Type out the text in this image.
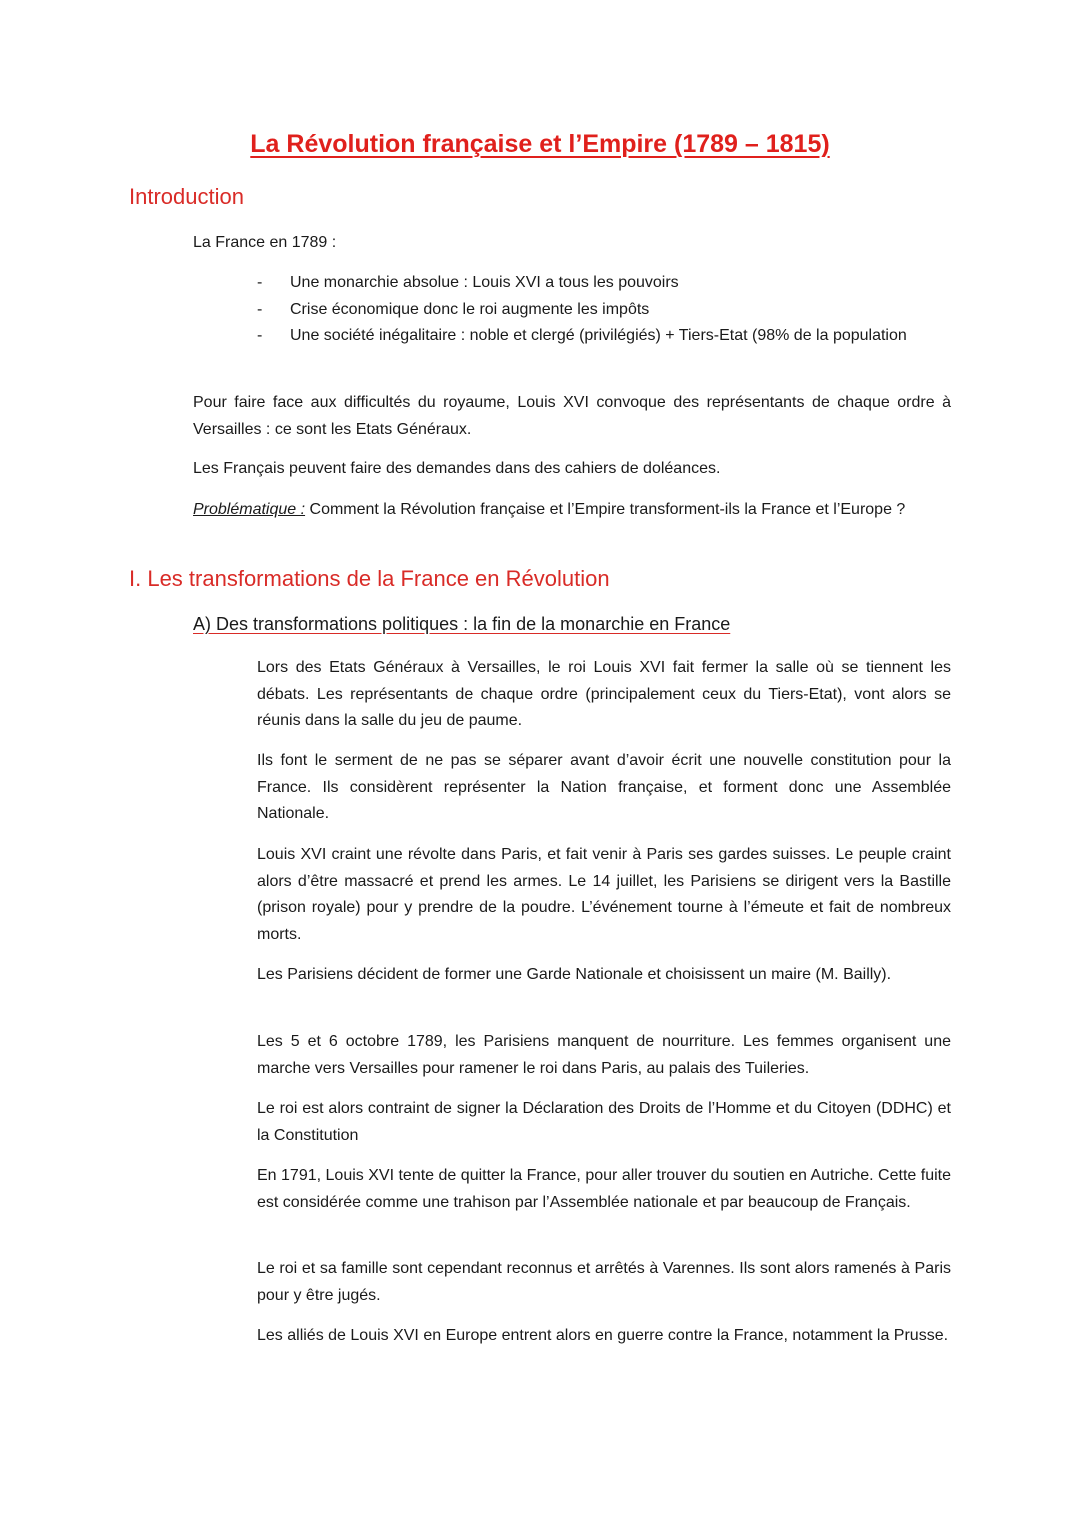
La Révolution française et l’Empire (1789 – 1815)
Introduction

La France en 1789 :

- Une monarchie absolue : Louis XVI a tous les pouvoirs
- Crise économique donc le roi augmente les impôts
- Une société inégalitaire : noble et clergé (privilégiés) + Tiers-Etat (98% de la population

Pour faire face aux difficultés du royaume, Louis XVI convoque des représentants de chaque ordre à Versailles : ce sont les Etats Généraux.

Les Français peuvent faire des demandes dans des cahiers de doléances.

Problématique : Comment la Révolution française et l’Empire transforment-ils la France et l’Europe ?

I. Les transformations de la France en Révolution
A) Des transformations politiques : la fin de la monarchie en France

Lors des Etats Généraux à Versailles, le roi Louis XVI fait fermer la salle où se tiennent les débats. Les représentants de chaque ordre (principalement ceux du Tiers-Etat), vont alors se réunis dans la salle du jeu de paume.

Ils font le serment de ne pas se séparer avant d’avoir écrit une nouvelle constitution pour la France. Ils considèrent représenter la Nation française, et forment donc une Assemblée Nationale.

Louis XVI craint une révolte dans Paris, et fait venir à Paris ses gardes suisses. Le peuple craint alors d’être massacré et prend les armes. Le 14 juillet, les Parisiens se dirigent vers la Bastille (prison royale) pour y prendre de la poudre. L’événement tourne à l’émeute et fait de nombreux morts.

Les Parisiens décident de former une Garde Nationale et choisissent un maire (M. Bailly).

Les 5 et 6 octobre 1789, les Parisiens manquent de nourriture. Les femmes organisent une marche vers Versailles pour ramener le roi dans Paris, au palais des Tuileries.

Le roi est alors contraint de signer la Déclaration des Droits de l’Homme et du Citoyen (DDHC) et la Constitution

En 1791, Louis XVI tente de quitter la France, pour aller trouver du soutien en Autriche. Cette fuite est considérée comme une trahison par l’Assemblée nationale et par beaucoup de Français.

Le roi et sa famille sont cependant reconnus et arrêtés à Varennes. Ils sont alors ramenés à Paris pour y être jugés.

Les alliés de Louis XVI en Europe entrent alors en guerre contre la France, notamment la Prusse.
